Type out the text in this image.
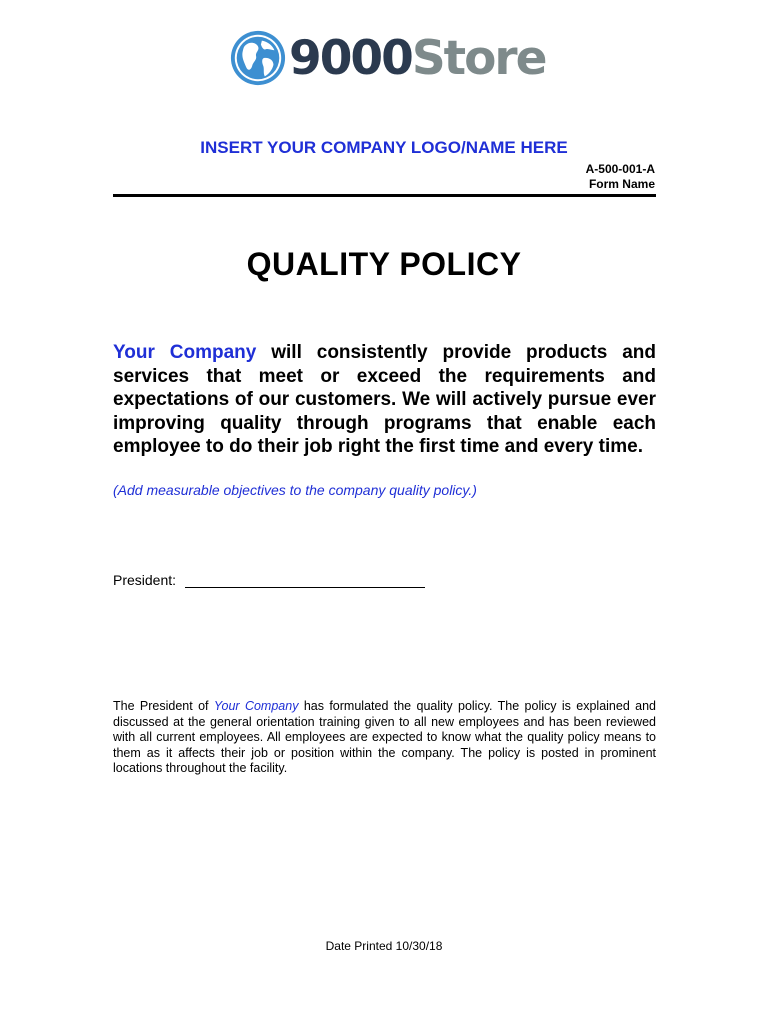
9000Store
INSERT YOUR COMPANY LOGO/NAME HERE
A-500-001-A
Form Name
QUALITY POLICY
Your Company will consistently provide products and services that meet or exceed the requirements and expectations of our customers. We will actively pursue ever improving quality through programs that enable each employee to do their job right the first time and every time.
(Add measurable objectives to the company quality policy.)
President:
The President of Your Company has formulated the quality policy. The policy is explained and discussed at the general orientation training given to all new employees and has been reviewed with all current employees. All employees are expected to know what the quality policy means to them as it affects their job or position within the company. The policy is posted in prominent locations throughout the facility.
Date Printed 10/30/18
